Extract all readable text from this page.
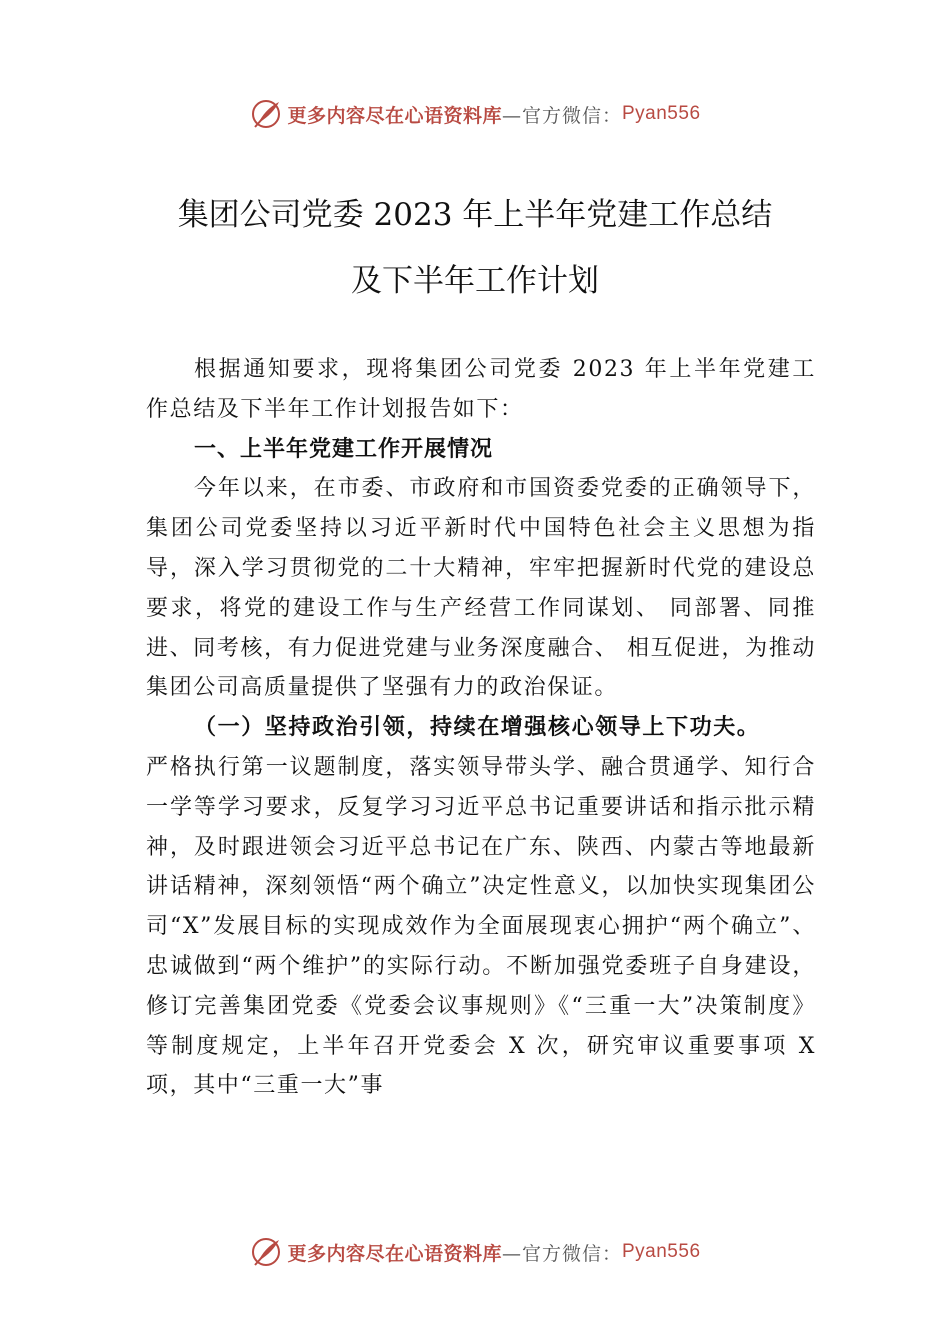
更多内容尽在心语资料库 —官方微信： Pyan556
集团公司党委 2023 年上半年党建工作总结
及下半年工作计划

根据通知要求，现将集团公司党委 2023 年上半年党建工作总结及下半年工作计划报告如下：

一、上半年党建工作开展情况

今年以来，在市委、市政府和市国资委党委的正确领导下，集团公司党委坚持以习近平新时代中国特色社会主义思想为指导，深入学习贯彻党的二十大精神，牢牢把握新时代党的建设总要求，将党的建设工作与生产经营工作同谋划、 同部署、同推进、同考核，有力促进党建与业务深度融合、 相互促进，为推动集团公司高质量提供了坚强有力的政治保证。

（一）坚持政治引领，持续在增强核心领导上下功夫。

严格执行第一议题制度，落实领导带头学、融合贯通学、知行合一学等学习要求，反复学习习近平总书记重要讲话和指示批示精神，及时跟进领会习近平总书记在广东、陕西、内蒙古等地最新讲话精神，深刻领悟“两个确立”决定性意义，以加快实现集团公司“X”发展目标的实现成效作为全面展现衷心拥护“两个确立”、忠诚做到“两个维护”的实际行动。不断加强党委班子自身建设，修订完善集团党委《党委会议事规则》《“三重一大”决策制度》等制度规定，上半年召开党委会 X 次，研究审议重要事项 X 项，其中“三重一大”事

更多内容尽在心语资料库 —官方微信： Pyan556
